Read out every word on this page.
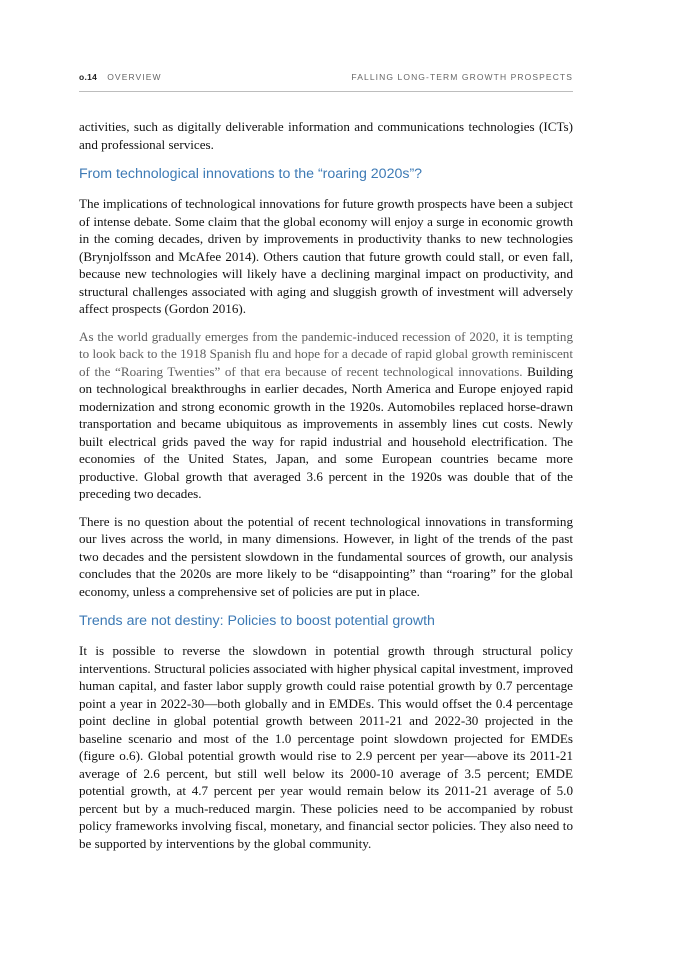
o.14 OVERVIEW	FALLING LONG-TERM GROWTH PROSPECTS

activities, such as digitally deliverable information and communications technologies (ICTs) and professional services.

From technological innovations to the “roaring 2020s”?

The implications of technological innovations for future growth prospects have been a subject of intense debate. Some claim that the global economy will enjoy a surge in economic growth in the coming decades, driven by improvements in productivity thanks to new technologies (Brynjolfsson and McAfee 2014). Others caution that future growth could stall, or even fall, because new technologies will likely have a declining marginal impact on productivity, and structural challenges associated with aging and sluggish growth of investment will adversely affect prospects (Gordon 2016).

As the world gradually emerges from the pandemic-induced recession of 2020, it is tempting to look back to the 1918 Spanish flu and hope for a decade of rapid global growth reminiscent of the “Roaring Twenties” of that era because of recent technological innovations. Building on technological breakthroughs in earlier decades, North America and Europe enjoyed rapid modernization and strong economic growth in the 1920s. Automobiles replaced horse-drawn transportation and became ubiquitous as improvements in assembly lines cut costs. Newly built electrical grids paved the way for rapid industrial and household electrification. The economies of the United States, Japan, and some European countries became more productive. Global growth that averaged 3.6 percent in the 1920s was double that of the preceding two decades.

There is no question about the potential of recent technological innovations in transforming our lives across the world, in many dimensions. However, in light of the trends of the past two decades and the persistent slowdown in the fundamental sources of growth, our analysis concludes that the 2020s are more likely to be “disappointing” than “roaring” for the global economy, unless a comprehensive set of policies are put in place.

Trends are not destiny: Policies to boost potential growth

It is possible to reverse the slowdown in potential growth through structural policy interventions. Structural policies associated with higher physical capital investment, improved human capital, and faster labor supply growth could raise potential growth by 0.7 percentage point a year in 2022-30—both globally and in EMDEs. This would offset the 0.4 percentage point decline in global potential growth between 2011-21 and 2022-30 projected in the baseline scenario and most of the 1.0 percentage point slowdown projected for EMDEs (figure o.6). Global potential growth would rise to 2.9 percent per year—above its 2011-21 average of 2.6 percent, but still well below its 2000-10 average of 3.5 percent; EMDE potential growth, at 4.7 percent per year would remain below its 2011-21 average of 5.0 percent but by a much-reduced margin. These policies need to be accompanied by robust policy frameworks involving fiscal, monetary, and financial sector policies. They also need to be supported by interventions by the global community.
